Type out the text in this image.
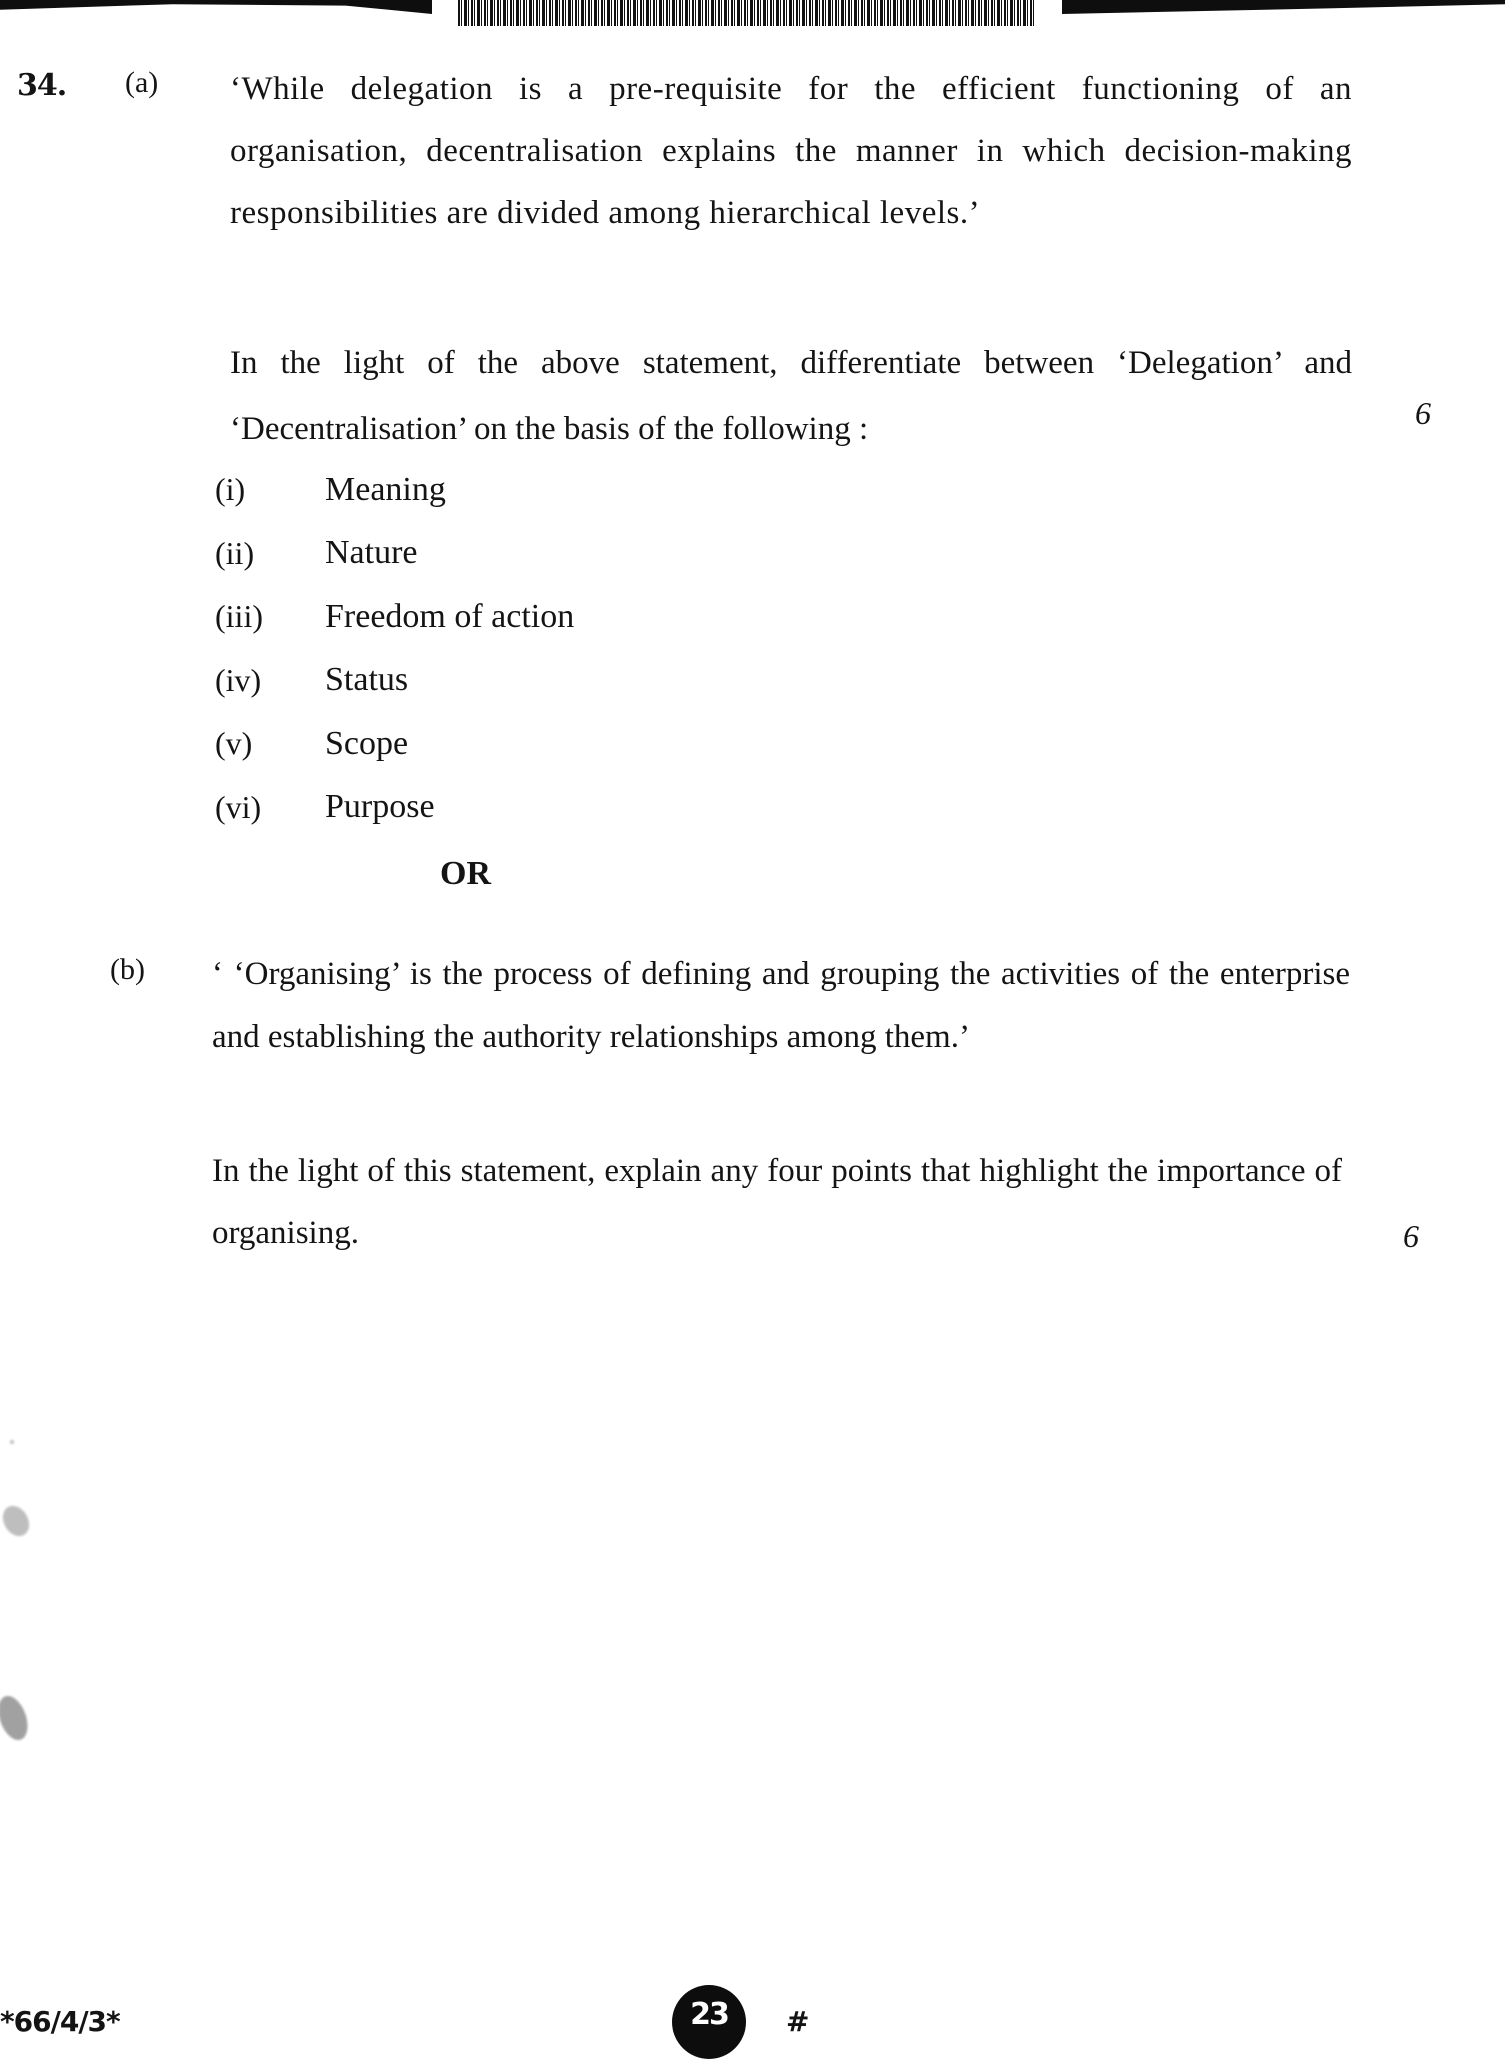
34. (a) ‘While delegation is a pre-requisite for the efficient functioning of an organisation, decentralisation explains the manner in which decision-making responsibilities are divided among hierarchical levels.’
In the light of the above statement, differentiate between ‘Delegation’ and ‘Decentralisation’ on the basis of the following :	6
(i)	Meaning
(ii)	Nature
(iii)	Freedom of action
(iv)	Status
(v)	Scope
(vi)	Purpose
OR
(b) ‘ ‘Organising’ is the process of defining and grouping the activities of the enterprise and establishing the authority relationships among them.’
In the light of this statement, explain any four points that highlight the importance of organising.	6
*66/4/3*	23	#
